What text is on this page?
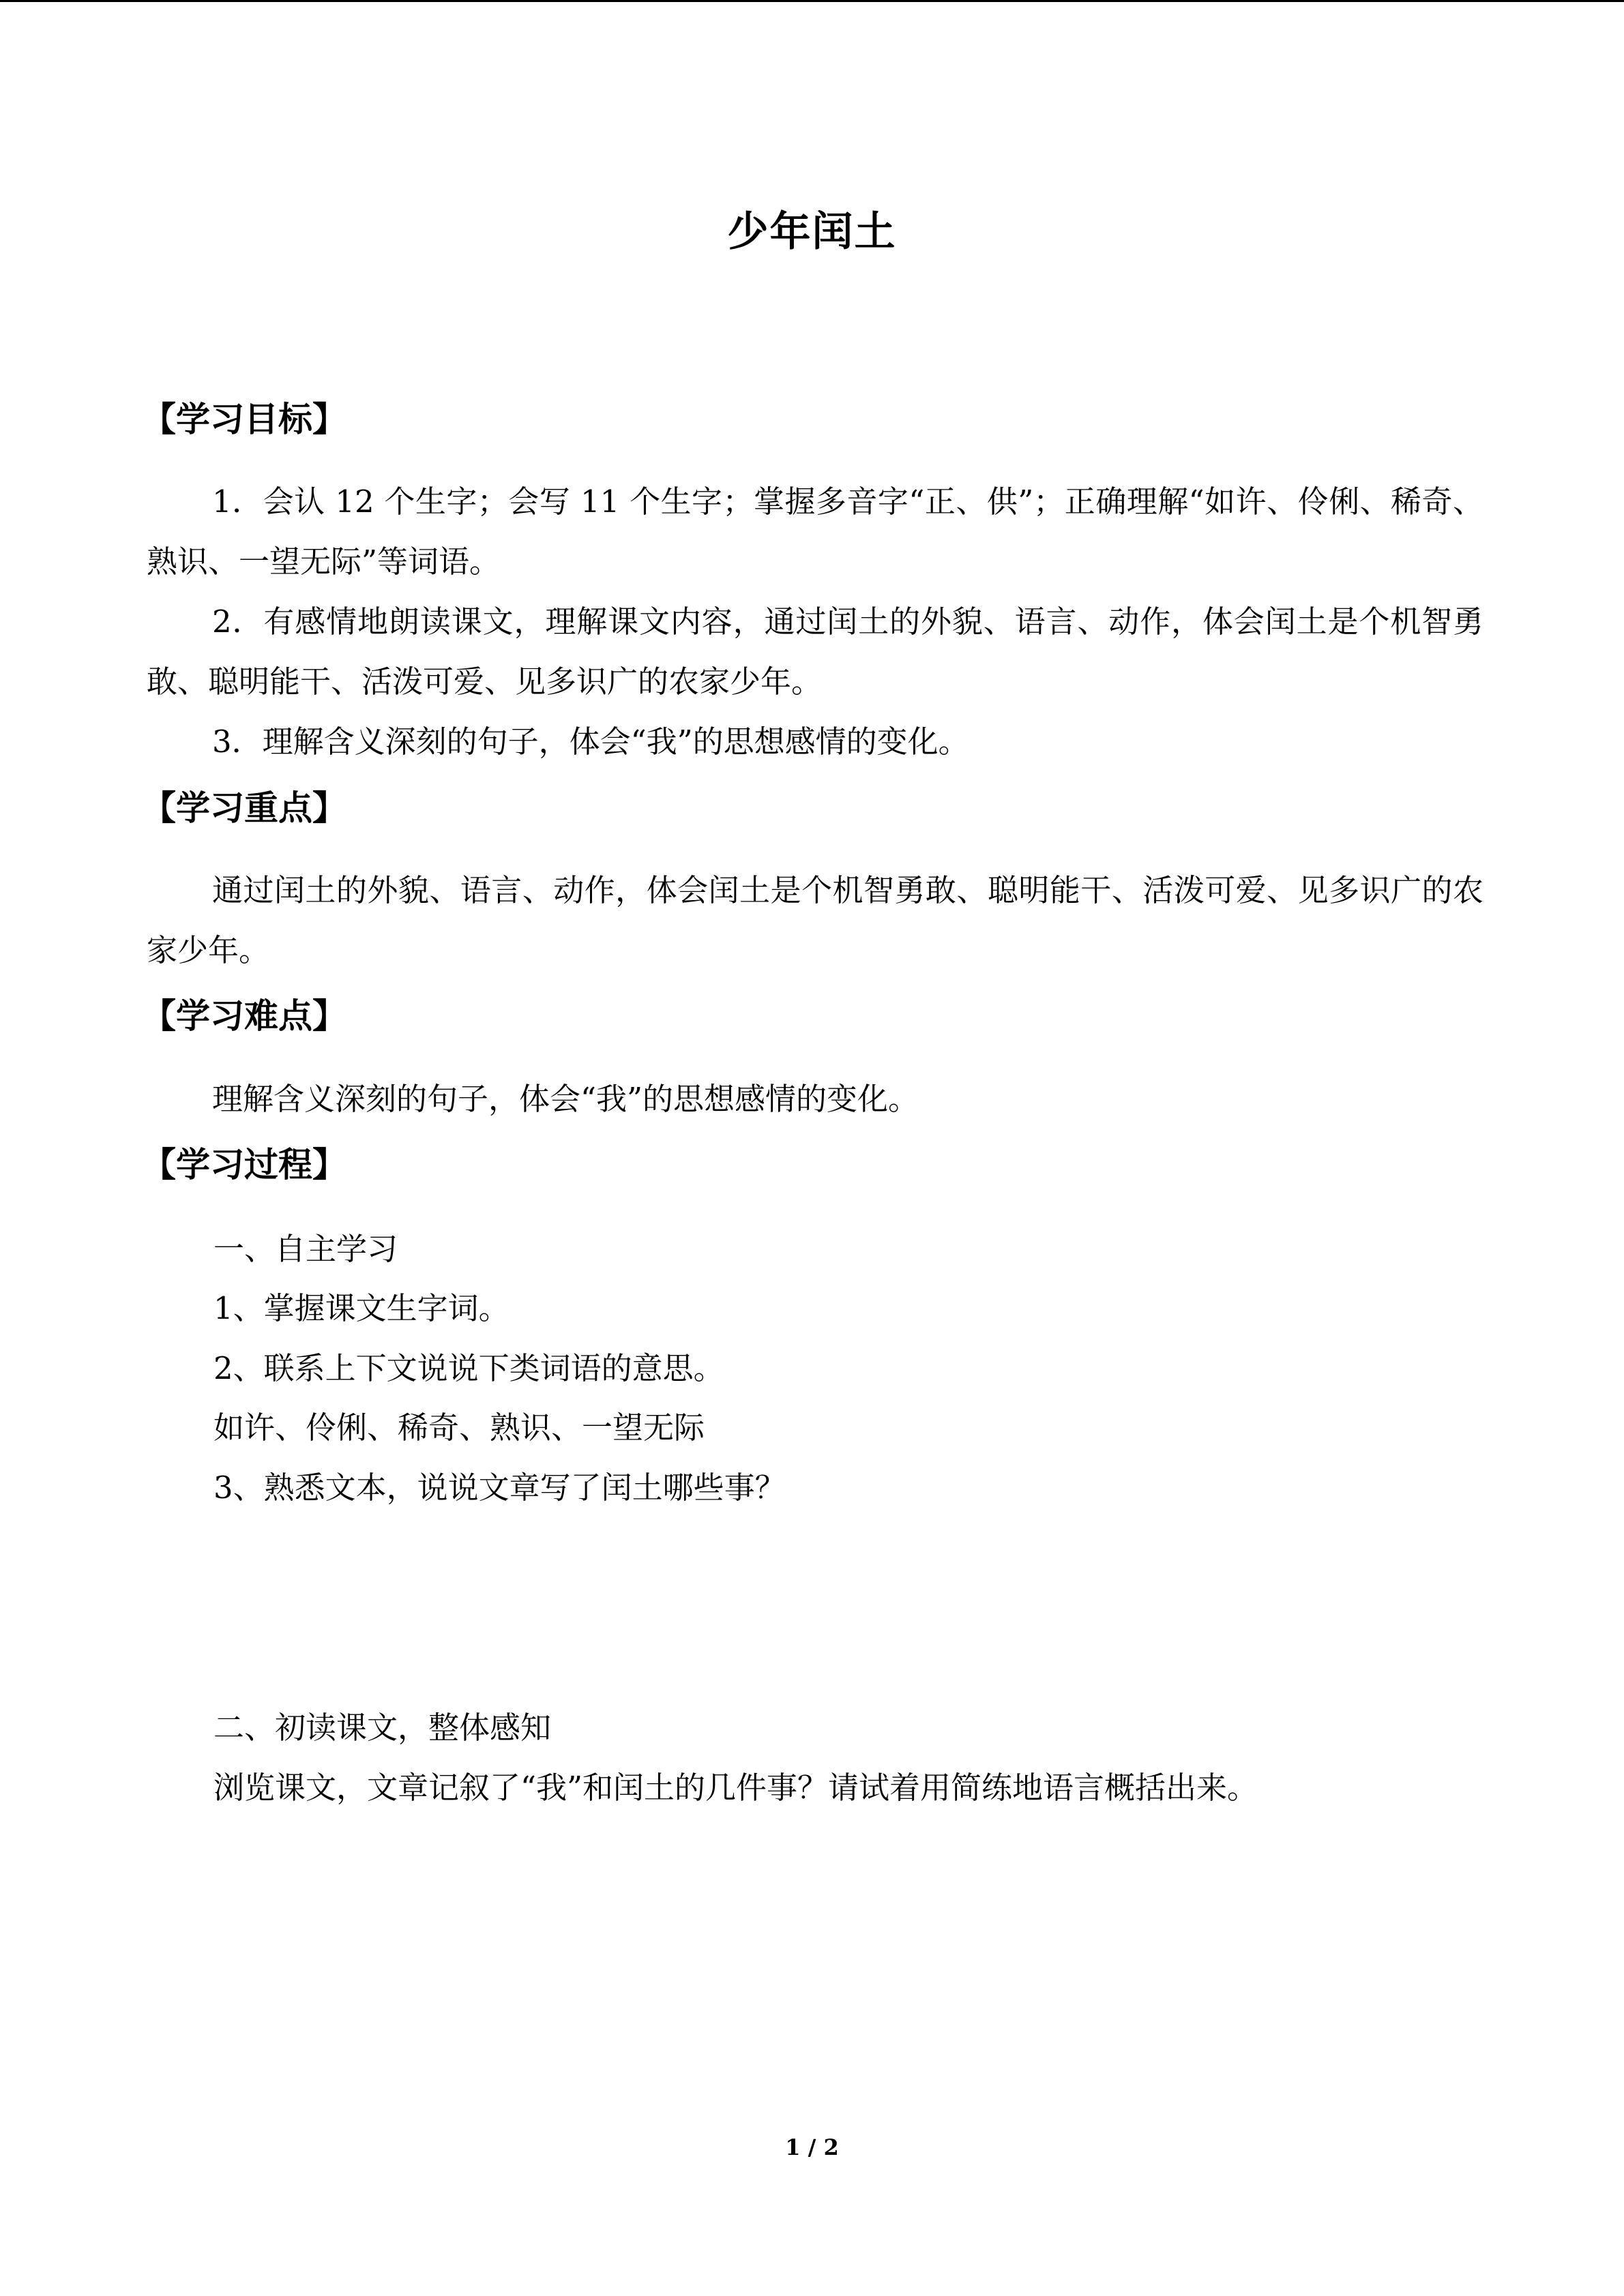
少年闰土
【学习目标】

1．会认 12 个生字；会写 11 个生字；掌握多音字“正、供”；正确理解“如许、伶俐、稀奇、熟识、一望无际”等词语。

2．有感情地朗读课文，理解课文内容，通过闰土的外貌、语言、动作，体会闰土是个机智勇敢、聪明能干、活泼可爱、见多识广的农家少年。

3．理解含义深刻的句子，体会“我”的思想感情的变化。

【学习重点】

通过闰土的外貌、语言、动作，体会闰土是个机智勇敢、聪明能干、活泼可爱、见多识广的农家少年。

【学习难点】

理解含义深刻的句子，体会“我”的思想感情的变化。

【学习过程】
一、自主学习
1、掌握课文生字词。
2、联系上下文说说下类词语的意思。
如许、伶俐、稀奇、熟识、一望无际
3、熟悉文本，说说文章写了闰土哪些事？
二、初读课文，整体感知
浏览课文，文章记叙了“我”和闰土的几件事？请试着用简练地语言概括出来。
1 / 2
